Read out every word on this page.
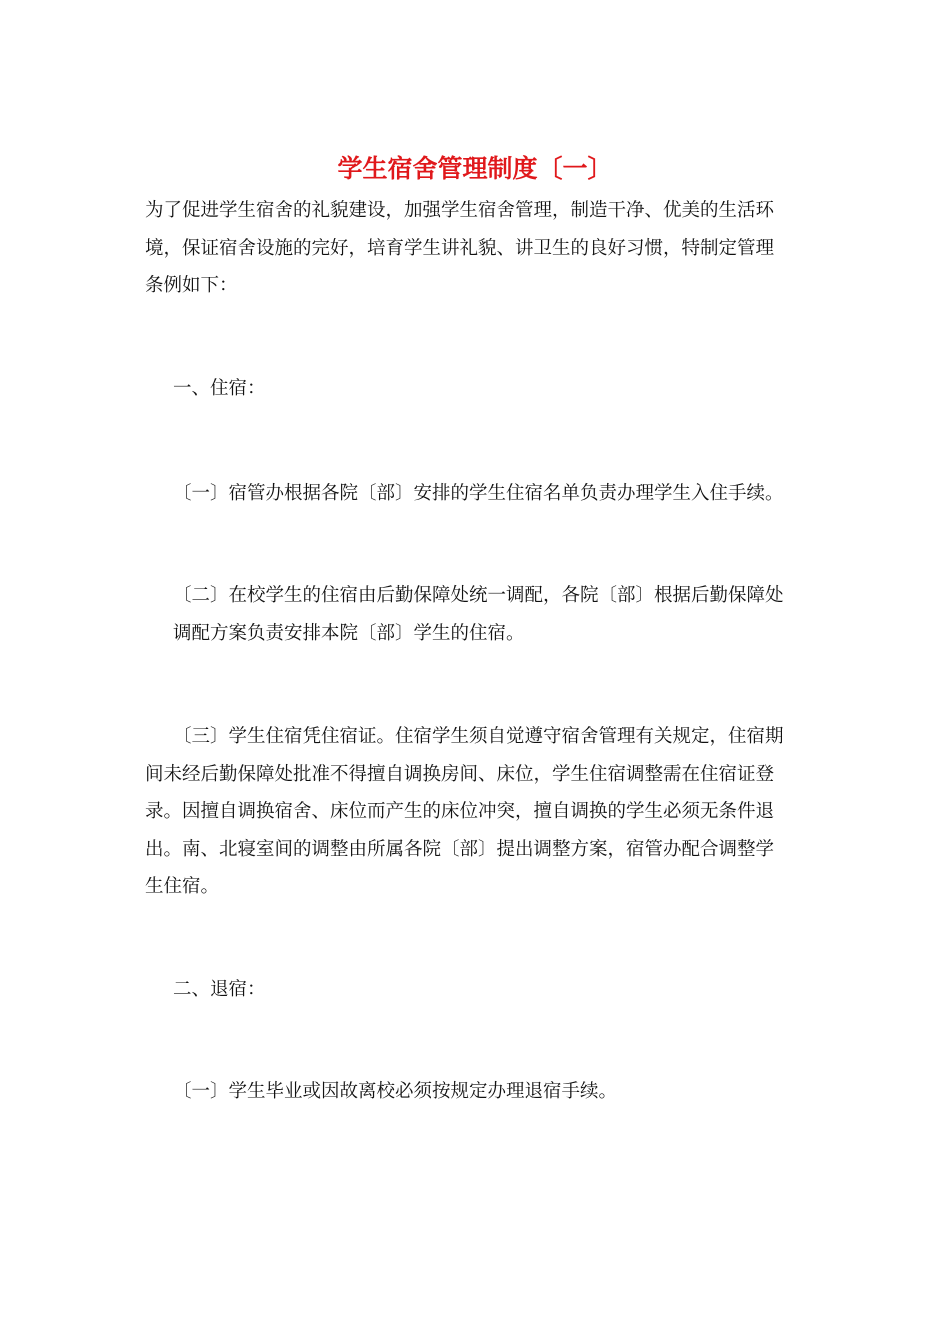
学生宿舍管理制度〔一〕

为了促进学生宿舍的礼貌建设，加强学生宿舍管理，制造干净、优美的生活环
境，保证宿舍设施的完好，培育学生讲礼貌、讲卫生的良好习惯，特制定管理
条例如下：

一、住宿：

〔一〕宿管办根据各院〔部〕安排的学生住宿名单负责办理学生入住手续。

〔二〕在校学生的住宿由后勤保障处统一调配，各院〔部〕根据后勤保障处
调配方案负责安排本院〔部〕学生的住宿。

〔三〕学生住宿凭住宿证。住宿学生须自觉遵守宿舍管理有关规定，住宿期
间未经后勤保障处批准不得擅自调换房间、床位，学生住宿调整需在住宿证登
录。因擅自调换宿舍、床位而产生的床位冲突，擅自调换的学生必须无条件退
出。南、北寝室间的调整由所属各院〔部〕提出调整方案，宿管办配合调整学
生住宿。

二、退宿：

〔一〕学生毕业或因故离校必须按规定办理退宿手续。
